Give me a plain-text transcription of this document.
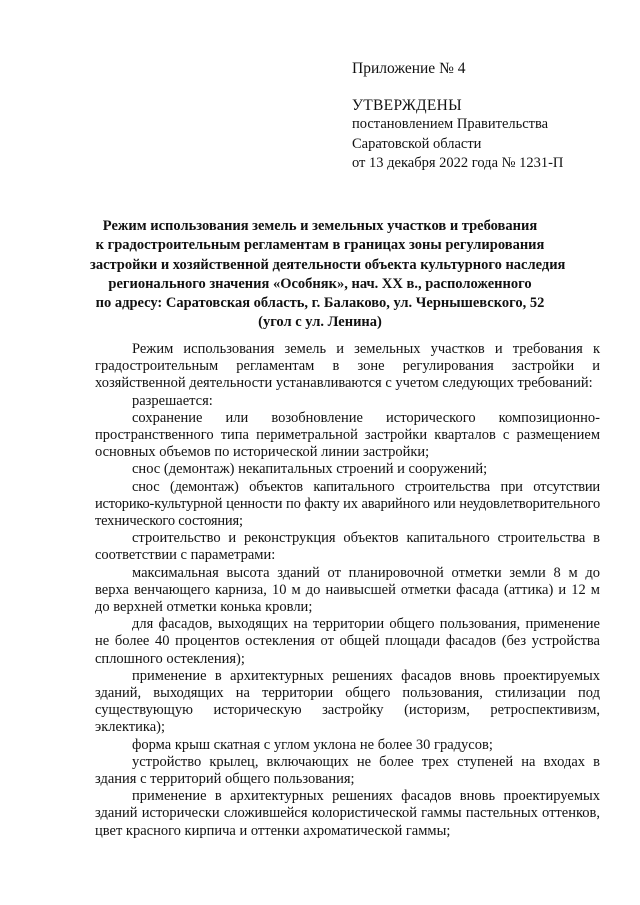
Приложение № 4
УТВЕРЖДЕНЫ
постановлением Правительства
Саратовской области
от 13 декабря 2022 года № 1231-П
Режим использования земель и земельных участков и требования
к градостроительным регламентам в границах зоны регулирования
застройки и хозяйственной деятельности объекта культурного наследия
регионального значения «Особняк», нач. XX в., расположенного
по адресу: Саратовская область, г. Балаково, ул. Чернышевского, 52
(угол с ул. Ленина)

Режим использования земель и земельных участков и требования к градостроительным регламентам в зоне регулирования застройки и хозяйственной деятельности устанавливаются с учетом следующих требований:

разрешается:

сохранение или возобновление исторического композиционно-пространственного типа периметральной застройки кварталов с размещением основных объемов по исторической линии застройки;

снос (демонтаж) некапитальных строений и сооружений;

снос (демонтаж) объектов капитального строительства при отсутствии историко-культурной ценности по факту их аварийного или неудовлетворительного технического состояния;

строительство и реконструкция объектов капитального строительства в соответствии с параметрами:

максимальная высота зданий от планировочной отметки земли 8 м до верха венчающего карниза, 10 м до наивысшей отметки фасада (аттика) и 12 м до верхней отметки конька кровли;

для фасадов, выходящих на территории общего пользования, применение не более 40 процентов остекления от общей площади фасадов (без устройства сплошного остекления);

применение в архитектурных решениях фасадов вновь проектируемых зданий, выходящих на территории общего пользования, стилизации под существующую историческую застройку (историзм, ретроспективизм, эклектика);

форма крыш скатная с углом уклона не более 30 градусов;

устройство крылец, включающих не более трех ступеней на входах в здания с территорий общего пользования;

применение в архитектурных решениях фасадов вновь проектируемых зданий исторически сложившейся колористической гаммы пастельных оттенков, цвет красного кирпича и оттенки ахроматической гаммы;
